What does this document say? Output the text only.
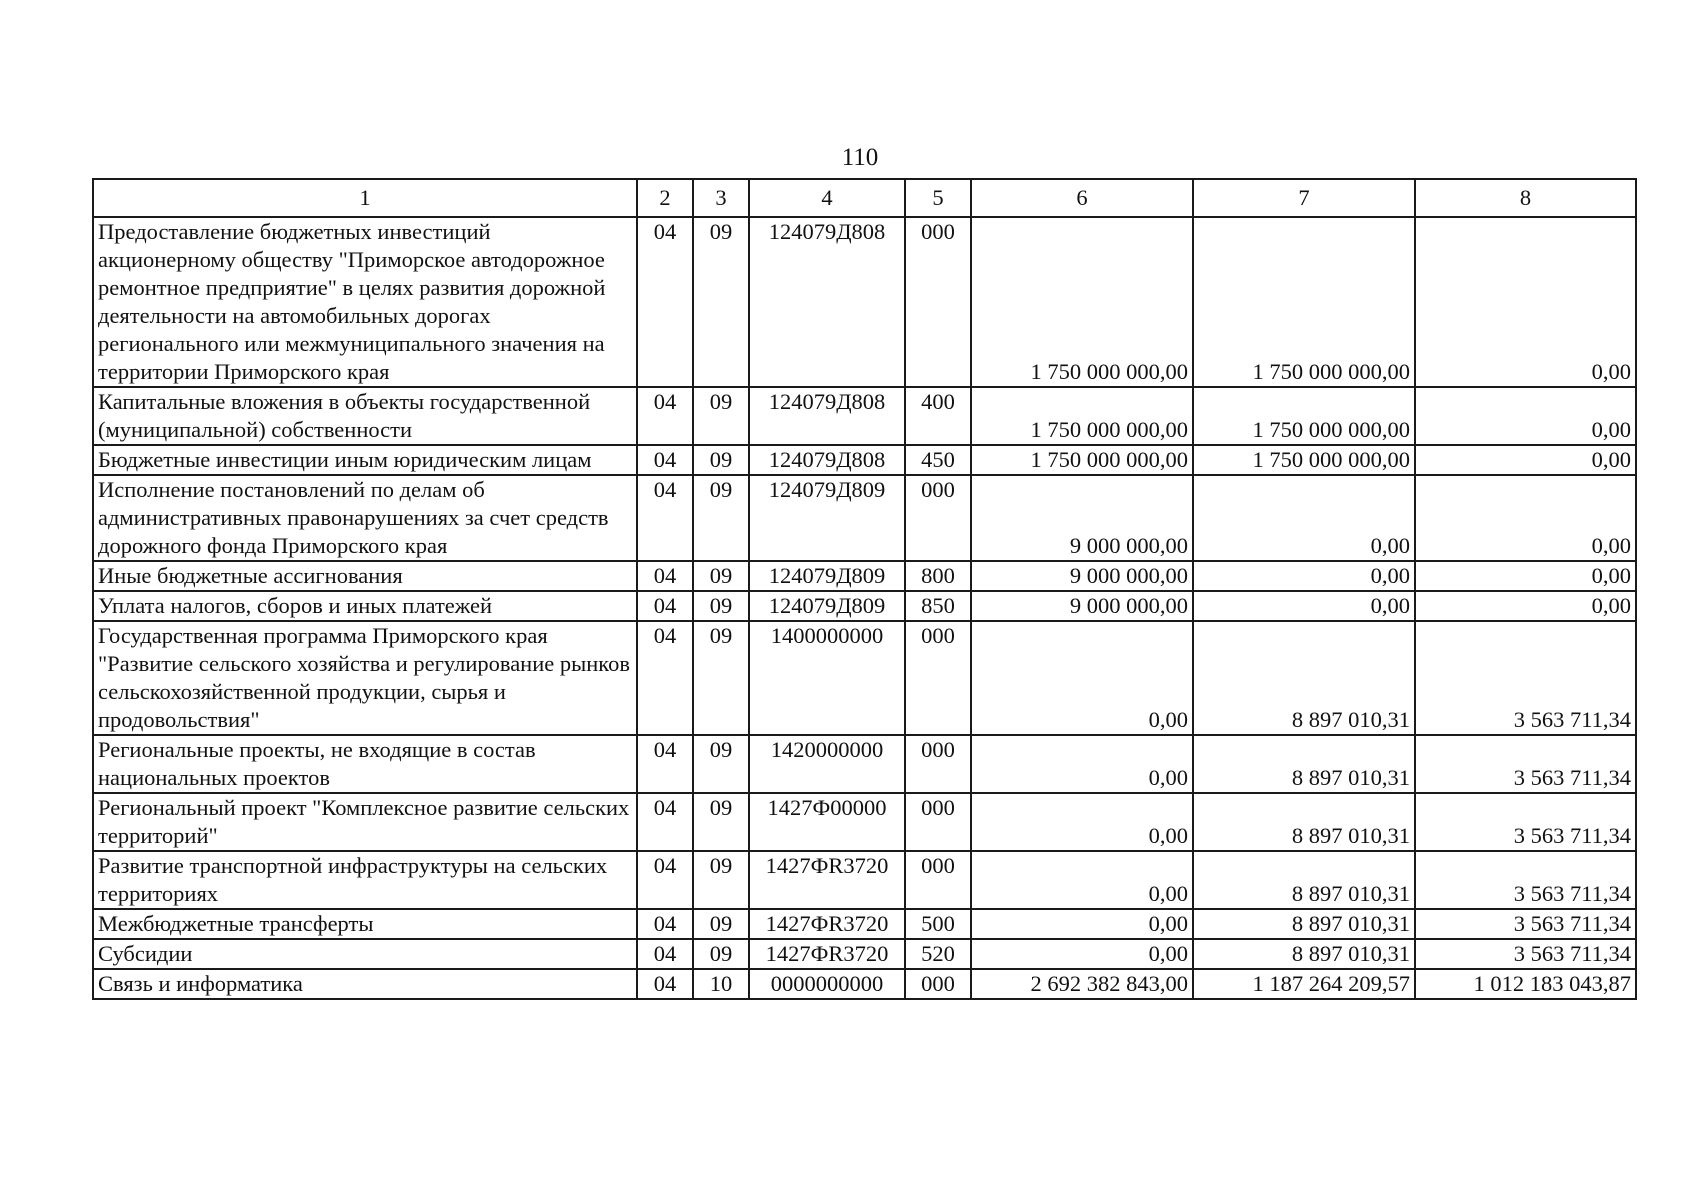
110
1	2	3	4	5	6	7	8
Предоставление бюджетных инвестиций акционерному обществу "Приморское автодорожное ремонтное предприятие" в целях развития дорожной деятельности на автомобильных дорогах регионального или межмуниципального значения на территории Приморского края	04	09	124079Д808	000	1 750 000 000,00	1 750 000 000,00	0,00
Капитальные вложения в объекты государственной (муниципальной) собственности	04	09	124079Д808	400	1 750 000 000,00	1 750 000 000,00	0,00
Бюджетные инвестиции иным юридическим лицам	04	09	124079Д808	450	1 750 000 000,00	1 750 000 000,00	0,00
Исполнение постановлений по делам об административных правонарушениях за счет средств дорожного фонда Приморского края	04	09	124079Д809	000	9 000 000,00	0,00	0,00
Иные бюджетные ассигнования	04	09	124079Д809	800	9 000 000,00	0,00	0,00
Уплата налогов, сборов и иных платежей	04	09	124079Д809	850	9 000 000,00	0,00	0,00
Государственная программа Приморского края "Развитие сельского хозяйства и регулирование рынков сельскохозяйственной продукции, сырья и продовольствия"	04	09	1400000000	000	0,00	8 897 010,31	3 563 711,34
Региональные проекты, не входящие в состав национальных проектов	04	09	1420000000	000	0,00	8 897 010,31	3 563 711,34
Региональный проект "Комплексное развитие сельских территорий"	04	09	1427Ф00000	000	0,00	8 897 010,31	3 563 711,34
Развитие транспортной инфраструктуры на сельских территориях	04	09	1427ФR3720	000	0,00	8 897 010,31	3 563 711,34
Межбюджетные трансферты	04	09	1427ФR3720	500	0,00	8 897 010,31	3 563 711,34
Субсидии	04	09	1427ФR3720	520	0,00	8 897 010,31	3 563 711,34
Связь и информатика	04	10	0000000000	000	2 692 382 843,00	1 187 264 209,57	1 012 183 043,87
